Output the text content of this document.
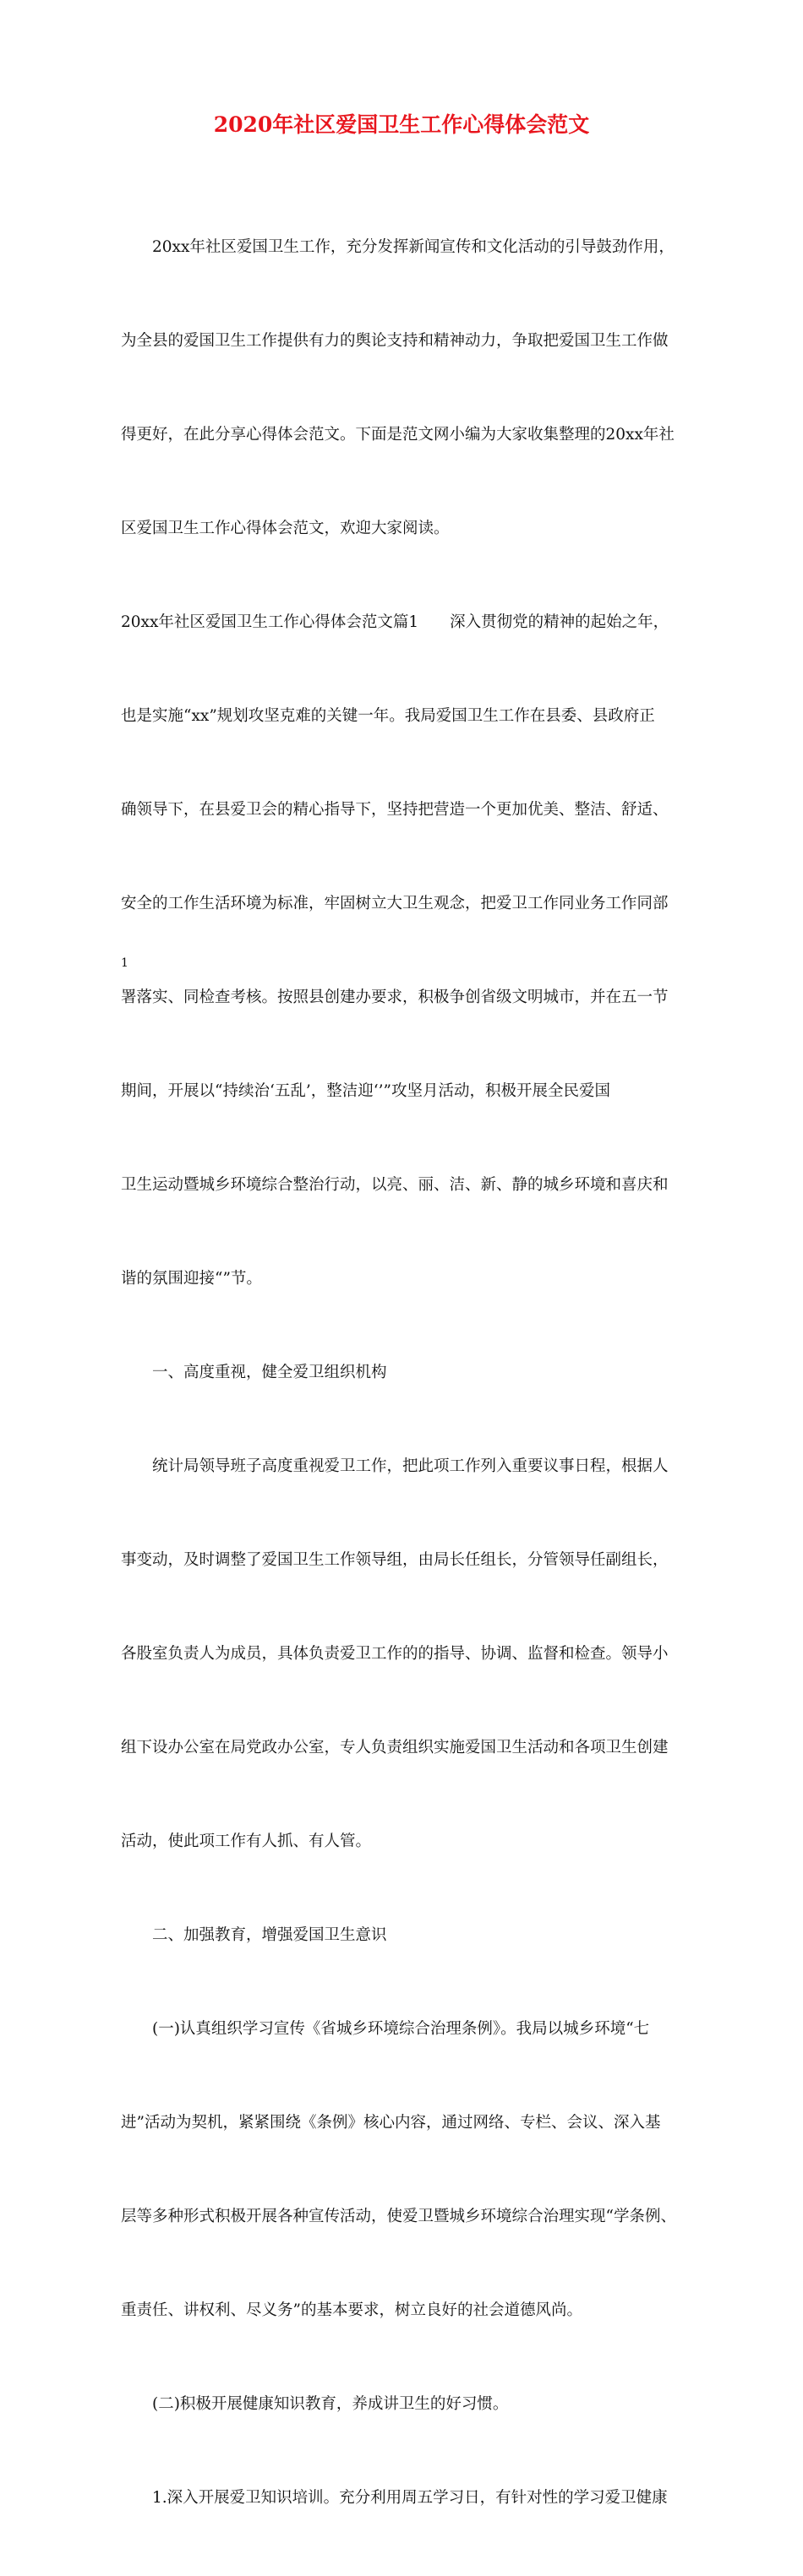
2020年社区爱国卫生工作心得体会范文

20xx年社区爱国卫生工作，充分发挥新闻宣传和文化活动的引导鼓劲作用，

为全县的爱国卫生工作提供有力的舆论支持和精神动力，争取把爱国卫生工作做

得更好，在此分享心得体会范文。下面是范文网小编为大家收集整理的20xx年社

区爱国卫生工作心得体会范文，欢迎大家阅读。

20xx年社区爱国卫生工作心得体会范文篇1　　深入贯彻党的精神的起始之年，

也是实施“xx”规划攻坚克难的关键一年。我局爱国卫生工作在县委、县政府正

确领导下，在县爱卫会的精心指导下，坚持把营造一个更加优美、整洁、舒适、

安全的工作生活环境为标准，牢固树立大卫生观念，把爱卫工作同业务工作同部

署落实、同检查考核。按照县创建办要求，积极争创省级文明城市，并在五一节

期间，开展以“持续治‘五乱’，整洁迎‘’”攻坚月活动，积极开展全民爱国

卫生运动暨城乡环境综合整治行动，以亮、丽、洁、新、静的城乡环境和喜庆和

谐的氛围迎接“”节。

一、高度重视，健全爱卫组织机构

统计局领导班子高度重视爱卫工作，把此项工作列入重要议事日程，根据人

事变动，及时调整了爱国卫生工作领导组，由局长任组长，分管领导任副组长，

各股室负责人为成员，具体负责爱卫工作的的指导、协调、监督和检查。领导小

组下设办公室在局党政办公室，专人负责组织实施爱国卫生活动和各项卫生创建

活动，使此项工作有人抓、有人管。

二、加强教育，增强爱国卫生意识

(一)认真组织学习宣传《省城乡环境综合治理条例》。我局以城乡环境“七

进”活动为契机，紧紧围绕《条例》核心内容，通过网络、专栏、会议、深入基

层等多种形式积极开展各种宣传活动，使爱卫暨城乡环境综合治理实现“学条例、

重责任、讲权利、尽义务”的基本要求，树立良好的社会道德风尚。

(二)积极开展健康知识教育，养成讲卫生的好习惯。

1.深入开展爱卫知识培训。充分利用周五学习日，有针对性的学习爱卫健康

1
